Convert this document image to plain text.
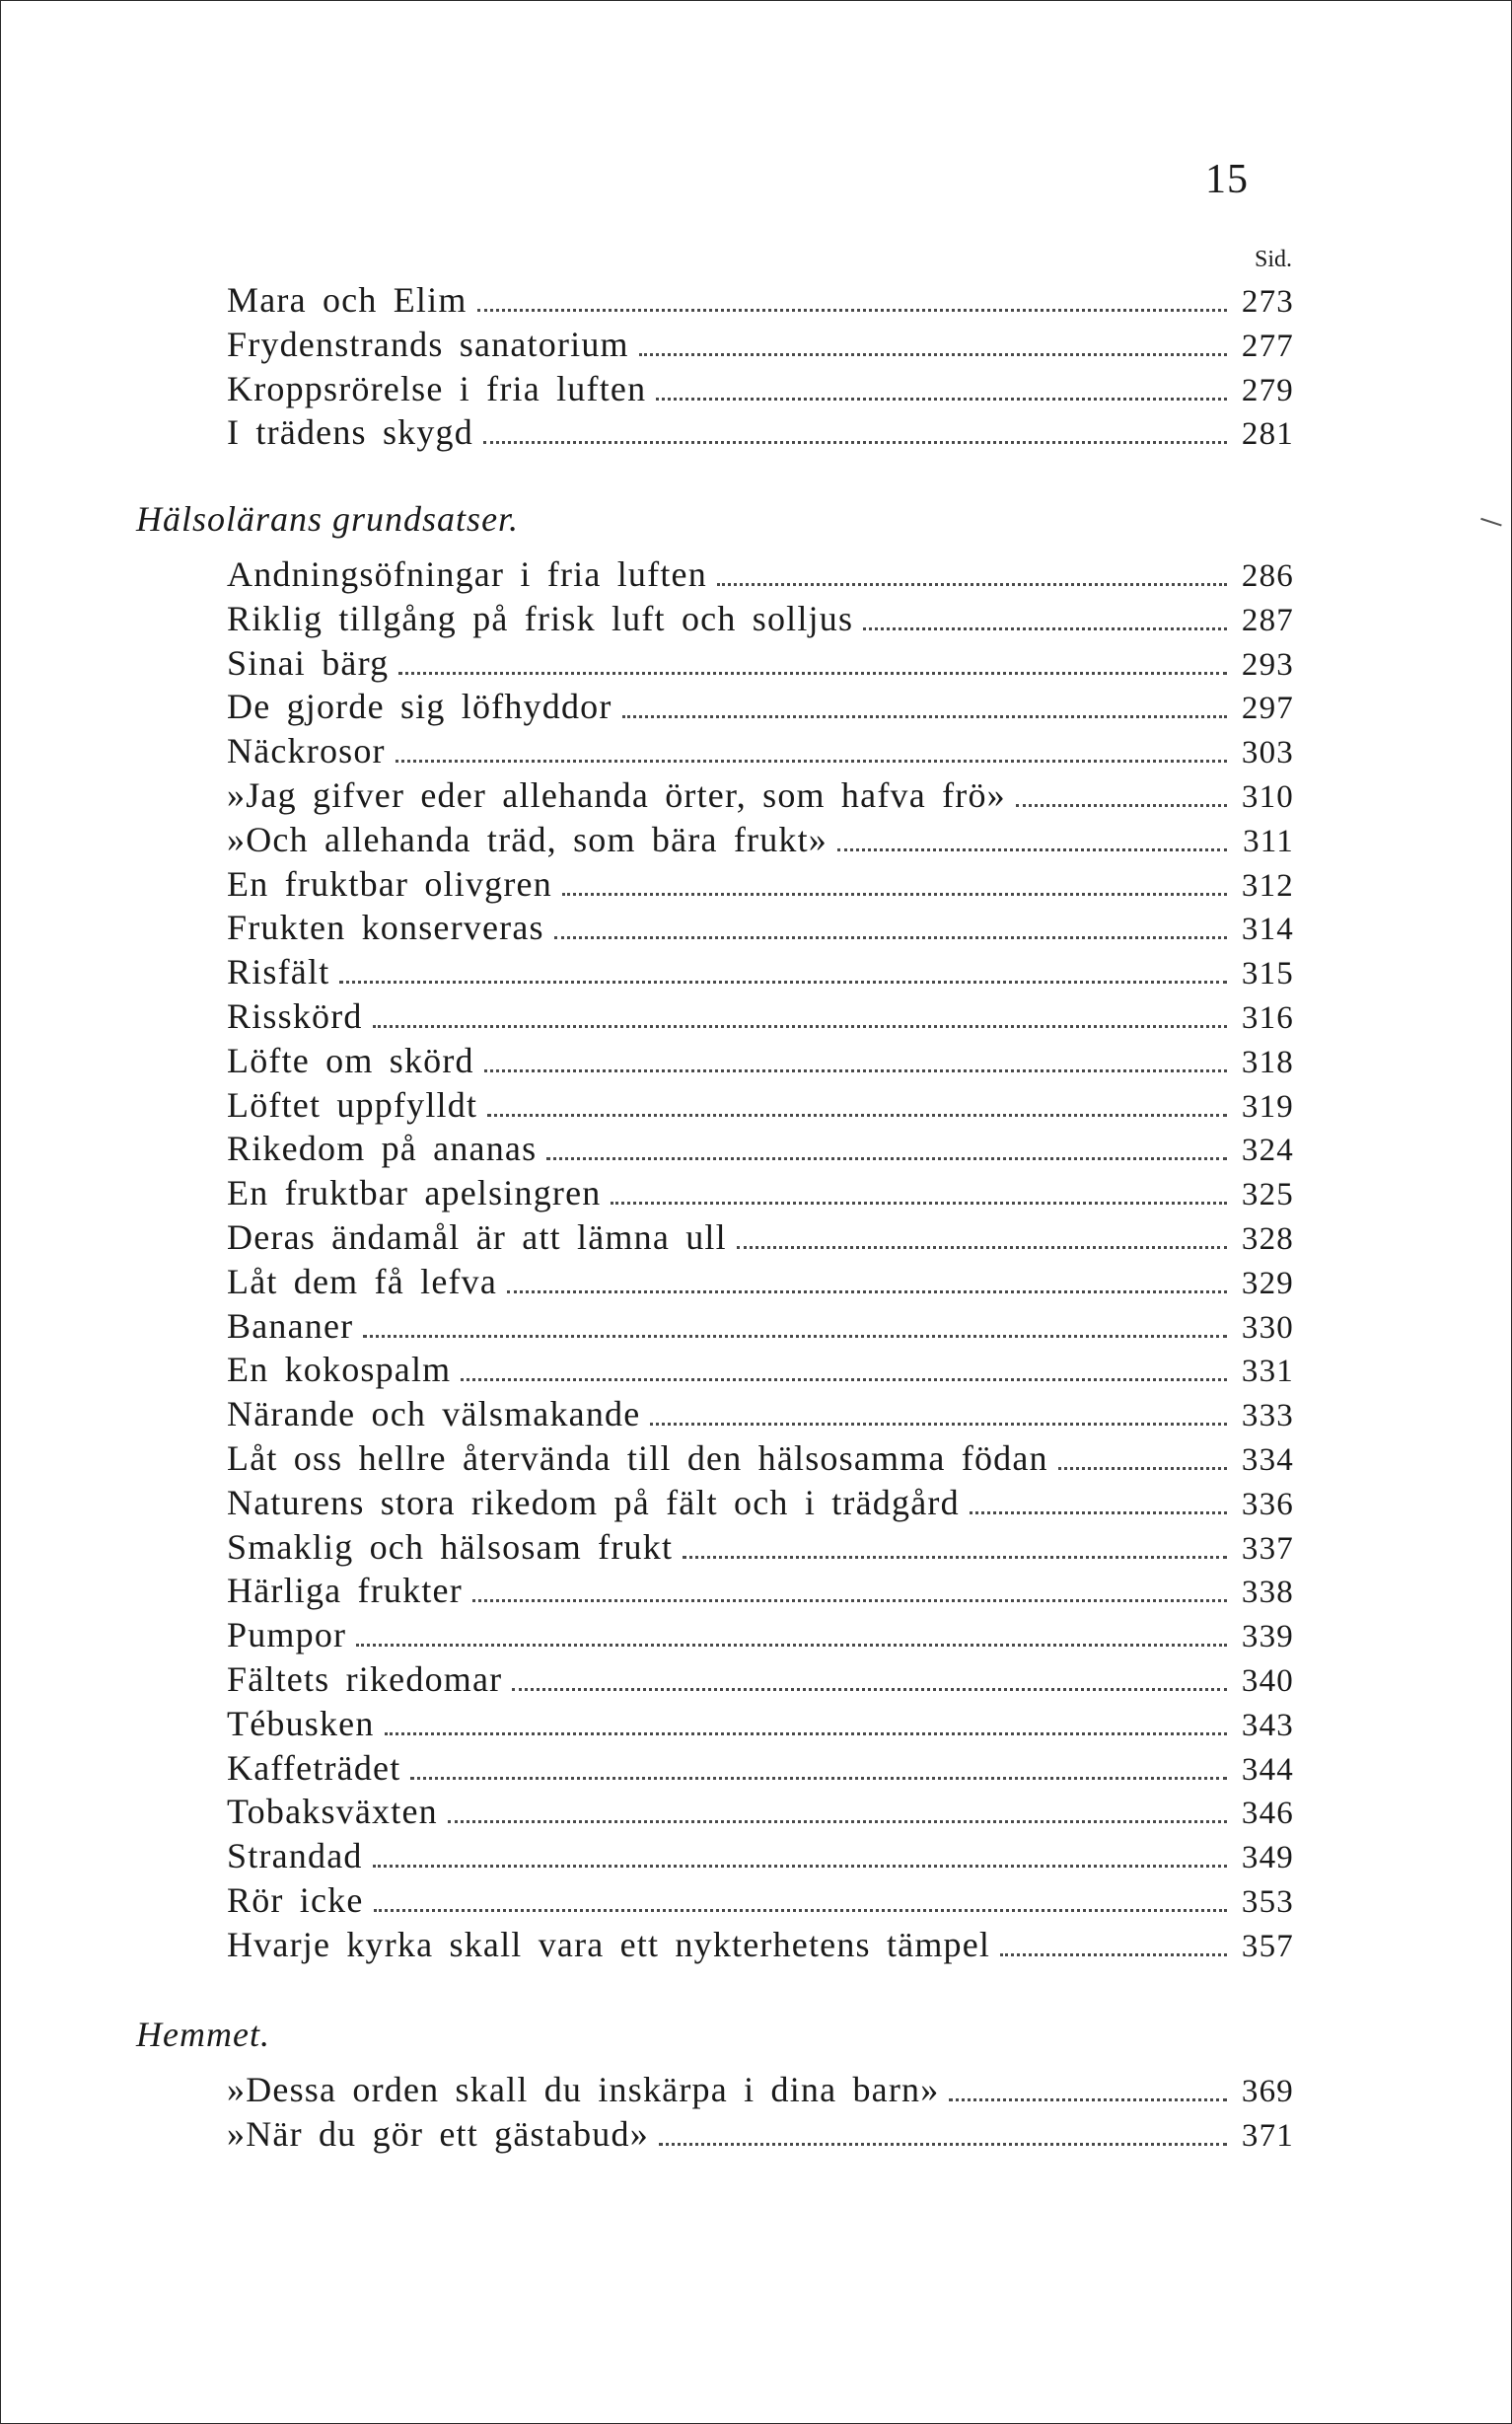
15
Sid.
Mara och Elim	273
Frydenstrands sanatorium	277
Kroppsrörelse i fria luften	279
I trädens skygd	281
Hälsolärans grundsatser.
Andningsöfningar i fria luften	286
Riklig tillgång på frisk luft och solljus	287
Sinai bärg	293
De gjorde sig löfhyddor	297
Näckrosor	303
»Jag gifver eder allehanda örter, som hafva frö»	310
»Och allehanda träd, som bära frukt»	311
En fruktbar olivgren	312
Frukten konserveras	314
Risfält	315
Risskörd	316
Löfte om skörd	318
Löftet uppfylldt	319
Rikedom på ananas	324
En fruktbar apelsingren	325
Deras ändamål är att lämna ull	328
Låt dem få lefva	329
Bananer	330
En kokospalm	331
Närande och välsmakande	333
Låt oss hellre återvända till den hälsosamma födan	334
Naturens stora rikedom på fält och i trädgård	336
Smaklig och hälsosam frukt	337
Härliga frukter	338
Pumpor	339
Fältets rikedomar	340
Tébusken	343
Kaffeträdet	344
Tobaksväxten	346
Strandad	349
Rör icke	353
Hvarje kyrka skall vara ett nykterhetens tämpel	357
Hemmet.
»Dessa orden skall du inskärpa i dina barn»	369
»När du gör ett gästabud»	371
